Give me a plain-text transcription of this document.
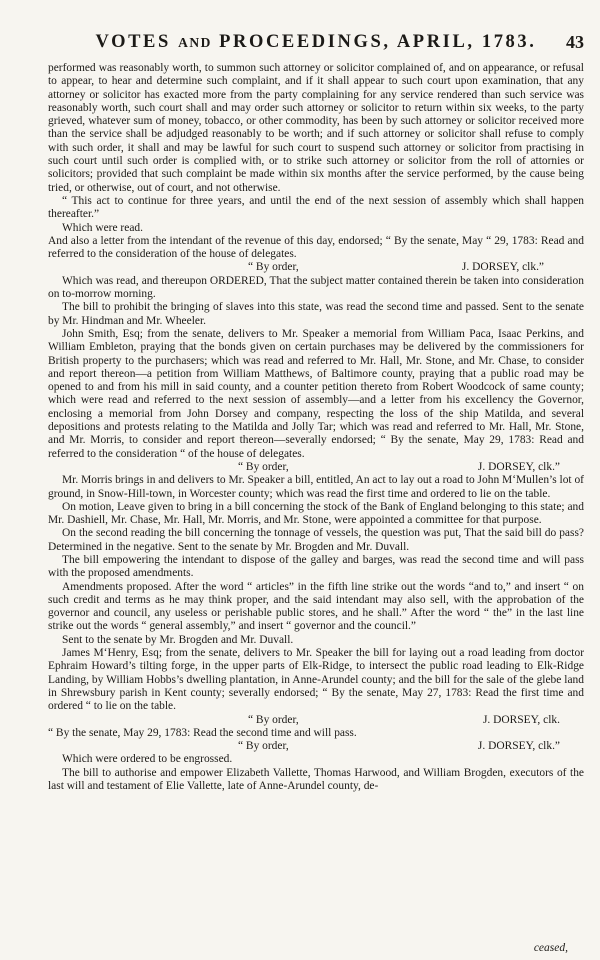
VOTES AND PROCEEDINGS, APRIL, 1783.	43

performed was reasonably worth, to summon such attorney or solicitor complained of, and on appearance, or refusal to appear, to hear and determine such complaint, and if it shall appear to such court upon examination, that any attorney or solicitor has exacted more from the party complaining for any service rendered than such service was reasonably worth, such court shall and may order such attorney or solicitor to return within six weeks, to the party grieved, whatever sum of money, tobacco, or other commodity, has been by such attorney or solicitor received more than the service shall be adjudged reasonably to be worth; and if such attorney or solicitor shall refuse to comply with such order, it shall and may be lawful for such court to suspend such attorney or solicitor from practising in such court until such order is complied with, or to strike such attorney or solicitor from the roll of attornies or solicitors; provided that such complaint be made within six months after the service performed, by the cause being tried, or otherwise, out of court, and not otherwise.

“ This act to continue for three years, and until the end of the next session of assembly which shall happen thereafter.”

Which were read.

And also a letter from the intendant of the revenue of this day, endorsed; “ By the senate, May “ 29, 1783: Read and referred to the consideration of the house of delegates.

“ By order,	J. DORSEY, clk.”

Which was read, and thereupon ORDERED, That the subject matter contained therein be taken into consideration on to-morrow morning.

The bill to prohibit the bringing of slaves into this state, was read the second time and passed. Sent to the senate by Mr. Hindman and Mr. Wheeler.

John Smith, Esq; from the senate, delivers to Mr. Speaker a memorial from William Paca, Isaac Perkins, and William Embleton, praying that the bonds given on certain purchases may be delivered by the commissioners for British property to the purchasers; which was read and referred to Mr. Hall, Mr. Stone, and Mr. Chase, to consider and report thereon—a petition from William Matthews, of Baltimore county, praying that a public road may be opened to and from his mill in said county, and a counter petition thereto from Robert Woodcock of same county; which were read and referred to the next session of assembly—and a letter from his excellency the Governor, enclosing a memorial from John Dorsey and company, respecting the loss of the ship Matilda, and several depositions and protests relating to the Matilda and Jolly Tar; which was read and referred to Mr. Hall, Mr. Stone, and Mr. Morris, to consider and report thereon—severally endorsed; “ By the senate, May 29, 1783: Read and referred to the consideration “ of the house of delegates.

“ By order,	J. DORSEY, clk.”

Mr. Morris brings in and delivers to Mr. Speaker a bill, entitled, An act to lay out a road to John M‘Mullen’s lot of ground, in Snow-Hill-town, in Worcester county; which was read the first time and ordered to lie on the table.

On motion, Leave given to bring in a bill concerning the stock of the Bank of England belonging to this state; and Mr. Dashiell, Mr. Chase, Mr. Hall, Mr. Morris, and Mr. Stone, were appointed a committee for that purpose.

On the second reading the bill concerning the tonnage of vessels, the question was put, That the said bill do pass? Determined in the negative. Sent to the senate by Mr. Brogden and Mr. Duvall.

The bill empowering the intendant to dispose of the galley and barges, was read the second time and will pass with the proposed amendments.

Amendments proposed. After the word “ articles” in the fifth line strike out the words “and to,” and insert “ on such credit and terms as he may think proper, and the said intendant may also sell, with the approbation of the governor and council, any useless or perishable public stores, and he shall.” After the word “ the” in the last line strike out the words “ general assembly,” and insert “ governor and the council.”

Sent to the senate by Mr. Brogden and Mr. Duvall.

James M‘Henry, Esq; from the senate, delivers to Mr. Speaker the bill for laying out a road leading from doctor Ephraim Howard’s tilting forge, in the upper parts of Elk-Ridge, to intersect the public road leading to Elk-Ridge Landing, by William Hobbs’s dwelling plantation, in Anne-Arundel county; and the bill for the sale of the glebe land in Shrewsbury parish in Kent county; severally endorsed; “ By the senate, May 27, 1783: Read the first time and ordered “ to lie on the table.

“ By order,	J. DORSEY, clk.

“ By the senate, May 29, 1783: Read the second time and will pass.

“ By order,	J. DORSEY, clk.”

Which were ordered to be engrossed.

The bill to authorise and empower Elizabeth Vallette, Thomas Harwood, and William Brogden, executors of the last will and testament of Elie Vallette, late of Anne-Arundel county, de-

ceased,
